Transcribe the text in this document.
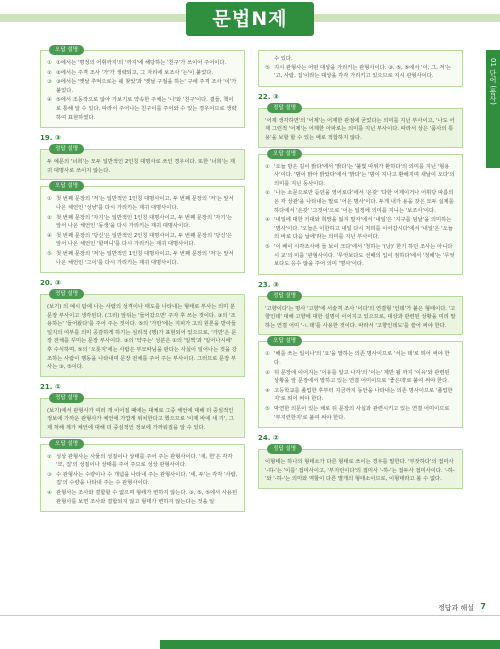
문법N제
01 단어 (품사)
오답 설명
① ①에서는 '명정의 어휘까지'의 '까지'에 해당하는 '친구'가 쓰이어 주어이다.
② ②에서는 주격 조사 '가'가 생략되고, 그 자리에 보조사 '는'이 붙었다.
③ ③에서는 '옛날 추억으로는 쉐 찾았'과 '옛날 구절을 하는' 구에 주격 조사 '이'가 붙었다.
④ ⑤에서 조동작으로 않아 가보기로 약속한 주체는 '나'와 '친구'이다. 곁들, 책이 로 통해 알 수 있다. 따라서 주어나는 친구이를 주어와 수 있는 경우이므로 생략하여 표현하였다.
19. ③
정답 설명
두 예문의 '너희'는 모두 일반적인 2인칭 대명사로 쓰인 경우이다. 또한 '너희'는 재귀 대명사로 쓰이지 않는다.
오답 설명
① 첫 번째 문장의 '저'는 일반적인 1인칭 대명사이고, 두 번째 문장의 '저'는 앞서 나온 체언인 '성냥'를 다시 가리키는 재귀 대명사이다.
② 첫 번째 문장의 '자기'는 일반적인 1인칭 대명사이고, 두 번째 문장의 '자기'는 앞서 나온 체언인 '동생'을 다시 가리키는 재귀 대명사이다.
④ 첫 번째 문장의 '당신'은 일반적인 2인칭 대명사이고, 두 번째 문장의 '당신'은 앞서 나온 체언인 '할머니'를 다시 가리키는 재귀 대명사이다.
⑤ 첫 번째 문장의 '저'는 일반적인 1인칭 대명사이고, 두 번째 문장의 '저'는 앞서 나온 체언인 '그이'를 다시 가리키는 재귀 대명사이다.
20. ③
정답 설명
(보기) 의 예시 탐에 나는 사람의 성격이나 태도를 나타내는 형태로 부사는 의미 분 문장 부사이고 생각된다. (그러) 앞뒤는 '들어갔으면' 주자 후 쓰는 것이다. ③의 '조용하는' '들어왔다'를 주어 주는 것이다. ⑤의 '가만'에는 지피가 고의 원론을 받아들일지의 여부를 의미 공감하게 하기는 심리적 (행)가 표현되어 있으므로, '가만'은 문장 전체를 꾸미는 문장 부사이다. ③의 '약주는' 성분은 ①의 '일찍'과 '일어나시에' 후 수식하며, ⑤의 '오롯지'에는 사람은 부모따님을 판다는 사실이 일어나는 것을 강조하는 사람이 행동을 나타내며 문장 전체를 주어 주는 부사이다. 그러므로 문장 부사는 ③, ⑤이다.
21. ①
정답 설명
(보기)에서 관형사가 여러 개 이어질 때에는 대체로 그중 체언에 대해 더 중심적인 정보에 가까운 관형사가 체언에 가깝게 위치한다고 했으므로 '이제 바에 새 기', 그제 처해 계가 체언에 대해 더 중심적인 정보에 가까워질을 알 수 있다.
오답 설명
② 성상 관형사는 사물의 성질이나 상태를 주어 주는 관형사이다. '새, 헌'은 각각 '모, 집'의 성질이나 상태를 주어 주므로 성상 관형사이다.
③ 수 관형사는 수량이나 수 개념을 나타내 주는 관형사이다. '세, 두'는 각각 '사람, 집'의 수량을 나타내 주는 수 관형사이다.
④ 관형사는 조사와 결합할 수 없으며 형태가 변하지 않는다. ③, ⑤, ⑤에서 사용된 관형사를 보면 조사와 결합되지 않고 형태가 변하지 않는다는 것을 알
수 있다.
⑤ 지시 관형사는 어떤 대상을 가리키는 관형사이다. ③, ⑤, ⑤에서 '이, 그, 저'는 '고, 사람, 집'이라는 대상을 각각 가리키고 있으므로 지시 관형사이다.
22. ③
정답 설명
'어제 생각하면'의 '어제'는 어제한 관점에 굳었다는 의미를 지닌 부사이고, '나도 어제 그런적 '어제'는 어제한 아파로는 의미를 지닌 부사이다. 따라서 상은 '품사의 통용'을 보할 할 수 있는 예로 적합하지 않다.
오답 설명
① '오늘 방은 길이 밝다'에서 '밝다'는 '불빛 따위가 환하다'의 의미를 지닌 '형용사'이다. '밤이 밝아 밝았다'에서 '밝다'는 '밤이 지나고 환해지며 새날이 오다'의 의미를 지닌 동사이다.
② '나는 소문으로만 듣던을 영어로다'에서 '온갖' '다한 어제이거나 어휘당 따름의 온 각 상관'을 나타내는 말로 '어온 명사'이다. 두게 내가 용을 갖은 모두 실제를 하다에서 '온갖' '그것이'으로 '이는 일정에 의미를 지니는 '보조사'이다.
④ '내일에 대한 기대와 희망을 잃지 말자'에서 '내일'은 '지구를 덤날'을 의미하는 '명사'이다. '오늘은 이한하고 내일 다시 처리를 이어갑시다'에서 '내일'은 '오늘의 바로 다음 날에'라는 의미를 지닌 부사이다.
⑤ '이 배이 시각조사에 들 보이 크다'에서 '청하는 '(낭)' 한기 하던 조사는 아니다 시 교'의 미를 '관형사이다. '무엇보다도 선배의 입이 점하다'에서 '청해'는 '무엇보다도 응수 않을 주어 의미 '명사'이다.
23. ③
정답 설명
'고향이다'는 명사 '고향'에 서술격 조사 '이다'의 연결형 '인데'가 붙은 형태이다. '고향인데' 대해 고향에 대한 설명이 이어지고 있으므로, 대상과 관련된 상황을 미리 말하는 연결 어미 '-ㄴ데'를 사용한 것이다. 따라서 '고향인데도'를 쓸어 써야 한다.
오답 설명
① '해를 쓰는 일이나'의 '요'을 말하는 의존 명사이므로 '서는 데'로 띄어 써야 한다.
② 뒤 문장에 이어지는 '이유를 알고 나자'의 '이는' 제반 될 까지 '이유'와 관련된 상황을 앞 문장에서 말하고 있는 연결 어미이므로 '좋은데'로 붙여 써야 한다.
④ 고등학교를 졸업한 후부터 지금까지 동안을 나타내는 의존 명사이므로 '졸업한 지'로 띄어 써야 한다.
⑤ 막연한 의문이 있는 채로 뒤 문장의 사실과 관련시키고 있는 연결 어미이므로 '부지런한지'로 붙여 써야 한다.
24. ②
정답 설명
이형태는 하나의 형태소가 다른 형태로 쓰이는 경우를 말한다. '부잣하다'의 접미사 '-하-'는 '이를' 접미사이고, '부지런이다'의 접미사 '-하-'는 접두사 접미사이다. '-하-'와 '-하-'는 의미와 역할이 다른 별개의 형태소이므로, 이형태라고 볼 수 없다.
정답과 해설 7
